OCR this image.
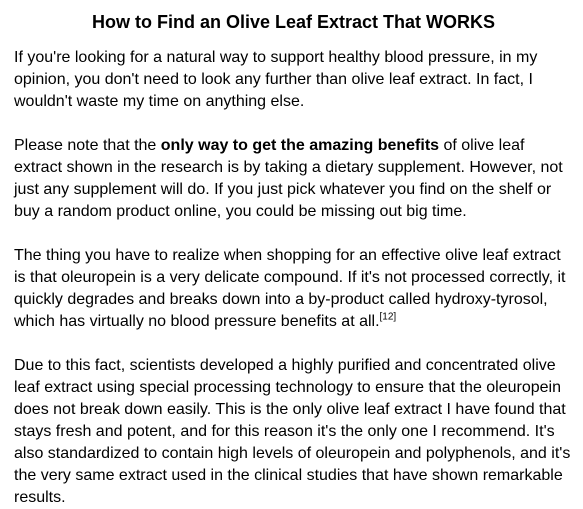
How to Find an Olive Leaf Extract That WORKS

If you're looking for a natural way to support healthy blood pressure, in my opinion, you don't need to look any further than olive leaf extract. In fact, I wouldn't waste my time on anything else.

Please note that the only way to get the amazing benefits of olive leaf extract shown in the research is by taking a dietary supplement. However, not just any supplement will do. If you just pick whatever you find on the shelf or buy a random product online, you could be missing out big time.

The thing you have to realize when shopping for an effective olive leaf extract is that oleuropein is a very delicate compound. If it's not processed correctly, it quickly degrades and breaks down into a by-product called hydroxy-tyrosol, which has virtually no blood pressure benefits at all.[12]

Due to this fact, scientists developed a highly purified and concentrated olive leaf extract using special processing technology to ensure that the oleuropein does not break down easily. This is the only olive leaf extract I have found that stays fresh and potent, and for this reason it's the only one I recommend. It's also standardized to contain high levels of oleuropein and polyphenols, and it's the very same extract used in the clinical studies that have shown remarkable results.
